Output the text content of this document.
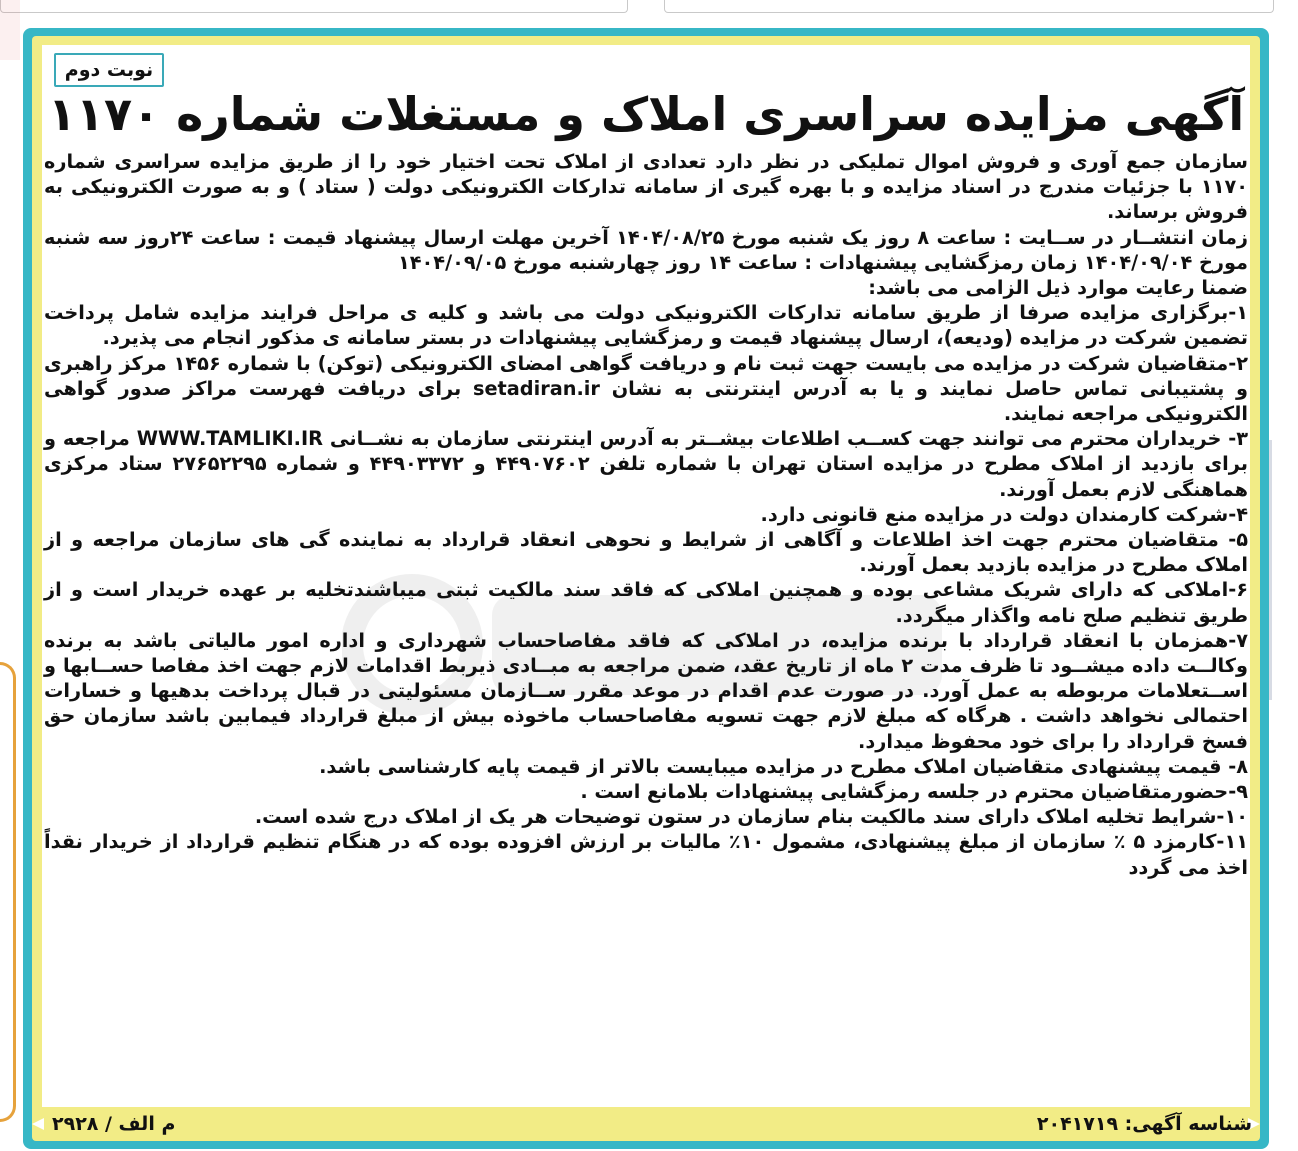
نوبت دوم
آگهی مزایده سراسری املاک و مستغلات شماره ۱۱۷۰

سازمان جمع آوری و فروش اموال تملیکی در نظر دارد تعدادی از املاک تحت اختیار خود را از طریق مزایده سراسری شماره ۱۱۷۰ با جزئیات مندرج در اسناد مزایده و با بهره گیری از سامانه تدارکات الکترونیکی دولت ( ستاد ) و به صورت الکترونیکی به فروش برساند.

زمان انتشــار در ســایت : ساعت ۸ روز یک شنبه مورخ ۱۴۰۴/۰۸/۲۵ آخرین مهلت ارسال پیشنهاد قیمت : ساعت ۲۴روز سه شنبه مورخ ۱۴۰۴/۰۹/۰۴ زمان رمزگشایی پیشنهادات : ساعت ۱۴ روز چهارشنبه مورخ ۱۴۰۴/۰۹/۰۵

ضمنا رعایت موارد ذیل الزامی می باشد:

۱-برگزاری مزایده صرفا از طریق سامانه تدارکات الکترونیکی دولت می باشد و کلیه ی مراحل فرایند مزایده شامل پرداخت تضمین شرکت در مزایده (ودیعه)، ارسال پیشنهاد قیمت و رمزگشایی پیشنهادات در بستر سامانه ی مذکور انجام می پذیرد.

۲-متقاضیان شرکت در مزایده می بایست جهت ثبت نام و دریافت گواهی امضای الکترونیکی (توکن) با شماره ۱۴۵۶ مرکز راهبری و پشتیبانی تماس حاصل نمایند و یا به آدرس اینترنتی به نشان setadiran.ir برای دریافت فهرست مراکز صدور گواهی الکترونیکی مراجعه نمایند.

۳- خریداران محترم می توانند جهت کســب اطلاعات بیشــتر به آدرس اینترنتی سازمان به نشــانی WWW.TAMLIKI.IR مراجعه و برای بازدید از املاک مطرح در مزایده استان تهران با شماره تلفن ۴۴۹۰۷۶۰۲ و ۴۴۹۰۳۳۷۲ و شماره ۲۷۶۵۲۲۹۵ ستاد مرکزی هماهنگی لازم بعمل آورند.

۴-شرکت کارمندان دولت در مزایده منع قانونی دارد.

۵- متقاضیان محترم جهت اخذ اطلاعات و آگاهی از شرایط و نحوهی انعقاد قرارداد به نماینده گی های سازمان مراجعه و از املاک مطرح در مزایده بازدید بعمل آورند.

۶-املاکی که دارای شریک مشاعی بوده و همچنین املاکی که فاقد سند مالکیت ثبتی میباشندتخلیه بر عهده خریدار است و از طریق تنظیم صلح نامه واگذار میگردد.

۷-همزمان با انعقاد قرارداد با برنده مزایده، در املاکی که فاقد مفاصاحساب شهرداری و اداره امور مالیاتی باشد به برنده وکالــت داده میشــود تا ظرف مدت ۲ ماه از تاریخ عقد، ضمن مراجعه به مبــادی ذیربط اقدامات لازم جهت اخذ مفاصا حســابها و اســتعلامات مربوطه به عمل آورد. در صورت عدم اقدام در موعد مقرر ســازمان مسئولیتی در قبال پرداخت بدهیها و خسارات احتمالی نخواهد داشت . هرگاه که مبلغ لازم جهت تسویه مفاصاحساب ماخوذه بیش از مبلغ قرارداد فیمابین باشد سازمان حق فسخ قرارداد را برای خود محفوظ میدارد.

۸- قیمت پیشنهادی متقاضیان املاک مطرح در مزایده میبایست بالاتر از قیمت پایه کارشناسی باشد.

۹-حضورمتقاضیان محترم در جلسه رمزگشایی پیشنهادات بلامانع است .

۱۰-شرایط تخلیه املاک دارای سند مالکیت بنام سازمان در ستون توضیحات هر یک از املاک درج شده است.

۱۱-کارمزد ۵ ٪ سازمان از مبلغ پیشنهادی، مشمول ۱۰٪ مالیات بر ارزش افزوده بوده که در هنگام تنظیم قرارداد از خریدار نقداً اخذ می گردد

شناسه آگهی: ۲۰۴۱۷۱۹
م الف / ۲۹۲۸
